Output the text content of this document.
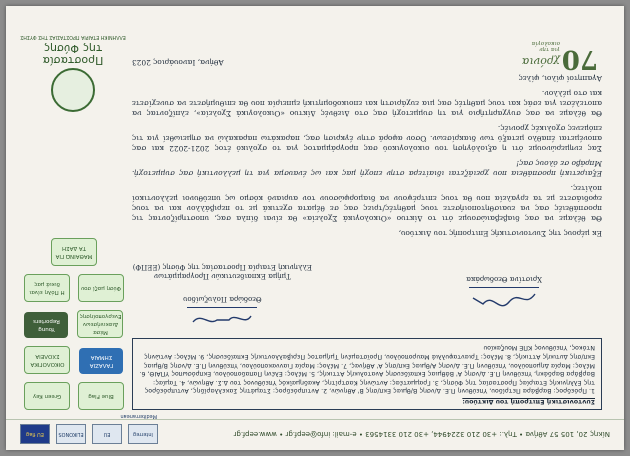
Νίκης 20, 105 57 Αθήνα • Τηλ.: +30 210 3224944, +30 210 3314563 • e-mail: info@eepf.gr • www.eepf.gr
Interreg Mediterranean
EU
ELIKONOS
EU flag
Συντονιστική Επιτροπή του Δικτύου:
1. Πρόεδρος: Βαρβάρα Πετρίδου, Υπεύθυνη Π.Ε. Δ/νσης Β/θμιας Εκπ/σης Β' Αθηνών, 2. Αντιπρόεδρος: Σταμάτης Σακελλαρίδης, Αντιπρόεδρος της Ελληνικής Εταιρίας Προστασίας της Φύσης, 3. Γραμματέας: Αντώνης Καστρίτης, Ακαδημαϊκός Υπεύθυνος του Δ.Σ. Αθηνών, 4. Ταμίας: Βαρβάρα Βαρδάκη, Υπεύθυνη Π.Ε. Δ/νσης Α' Βάθμιας Εκπαίδευσης Ανατολικής Αττικής, 5. Μέλος: Ελένη Παπαδοπούλου, Εκπρόσωπος ΥΠΑΙΘ, 6. Μέλος: Μαρία Δημοπούλου, Υπεύθυνη Π.Ε. Δ/νσης Α/θμιας Εκπ/σης Α' Αθήνας, 7. Μέλος: Μαρία Γιαννακοπούλου, Υπεύθυνη Π.Ε. Δ/νσης Β/θμιας Εκπ/σης Δυτικής Αττικής, 8. Μέλος: Τριανταφυλλιά Μαυροπούλου, Προϊσταμένη Τμήματος Περιβαλλοντικής Εκπαίδευσης, 9. Μέλος: Αντώνης Ντόκος, Υπεύθυνος ΚΠΕ Μουζακίου
Χριστίνα Θεοδωράκα
Θεοδώρα Πολυζωίδου
Τμήμα Εκπαιδευτικών Προγραμμάτων
Ελληνική Εταιρία Προστασίας της Φύσης (ΕΕΠΦ)

Εκ μέρους της Συντονιστικής Επιτροπής του Δικτύου,

Θα θέλαμε να σας διαβεβαιώσουμε ότι το Δίκτυο «Οικολογικά Σχολεία» θα είναι δίπλα σας, υποστηρίζοντας τις προσπάθειές σας να ευαισθητοποιήσετε τους μαθητές/τριες σας σε θέματα σχετικά με το περιβάλλον και να τους εφοδιάσετε με τα εργαλεία που θα τους επιτρέψουν να διαμορφώσουν τον αυριανό κόσμο ως υπεύθυνοι μελλοντικοί πολίτες.

Εξαιρετική προσπάθεια που χρειάζεται ιδιαίτερα στην εποχή μας και ως έναυσμα για τη μελλοντική σας συμμετοχή. Μπράβο σε όλους σας!

Σας ενημερώνουμε ότι η αξιολόγηση του οικολογικού σας προγράμματος για το σχολικό έτος 2021-2022 και σας απονέμεται έπαθλο μεταξύ των διακρίσεων. Όσον αφορά στην έγκριση σας, παρακάτω παρακαλώ να σημειωθεί για τις επόμενες σχολικές χρονιές.

Θα θέλαμε να σας συγχαρητήριο για τη συμμετοχή σας στο Διεθνές Δίκτυο «Οικολογικά Σχολεία», ελπίζοντας να αποτελέσει για εσάς και τους μαθητές σας μια ευχάριστη και εποικοδομητική εμπειρία που θα επιθυμήσετε να συνεχίσετε και στο μέλλον.

Αγαπητοί φίλοι, φίλες
Αθήνα, Ιανουάριος 2023
Blue Flag
Green Key
ΓΑΛΑΖΙΑ ΣΗΜΑΙΑ
ΟΙΚΟΛΟΓΙΚΑ ΣΧΟΛΕΙΑ
Μέσα Διακινήσεων Ενεργοποίησης
Young Reporters
Φύση μαζί σου
Η Πόλη είναι δικιά μας
ΜΑΘΑΙΝΩ ΓΙΑ ΤΑ ΔΑΣΗ
Προστασία
της Φύσης
ΕΛΛΗΝΙΚΗ ΕΤΑΙΡΙΑ ΠΡΟΣΤΑΣΙΑΣ ΤΗΣ ΦΥΣΗΣ
70
χρόνια
για την οικολογία
